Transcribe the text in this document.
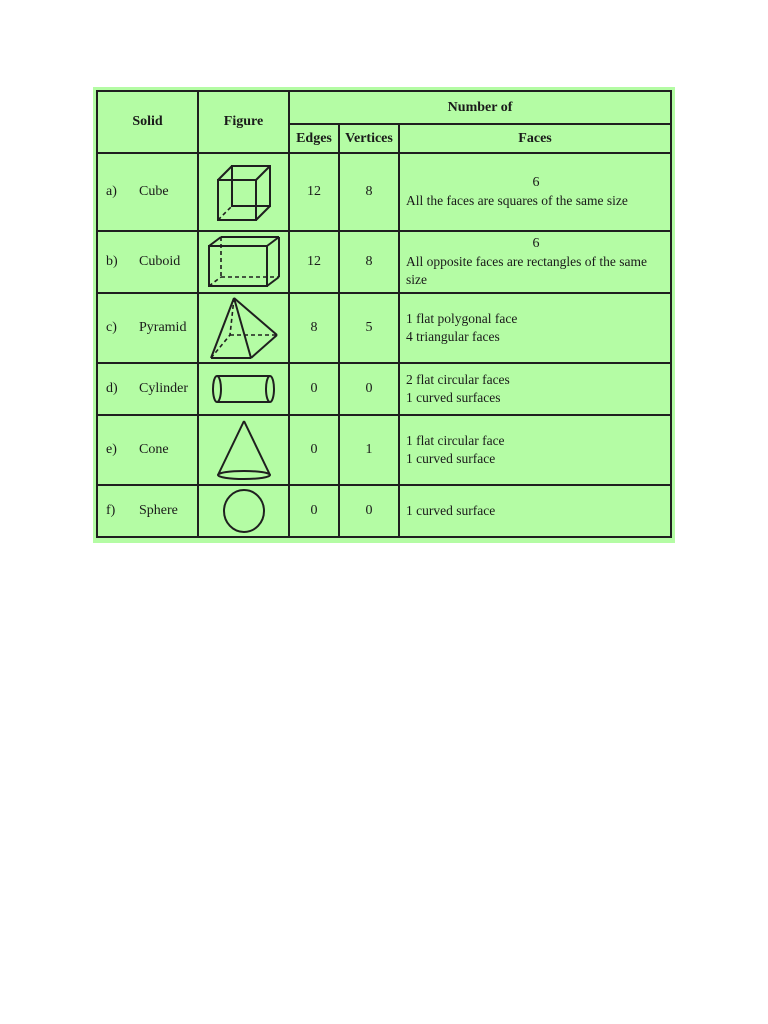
Solid	Figure	Number of		
		Edges	Vertices	Faces
a) Cube		12	8	6
All the faces are squares of the same size
b) Cuboid		12	8	6
All opposite faces are rectangles of the same size
c) Pyramid		8	5	1 flat polygonal face
4 triangular faces
d) Cylinder		0	0	2 flat circular faces
1 curved surfaces
e) Cone		0	1	1 flat circular face
1 curved surface
f) Sphere		0	0	1 curved surface
